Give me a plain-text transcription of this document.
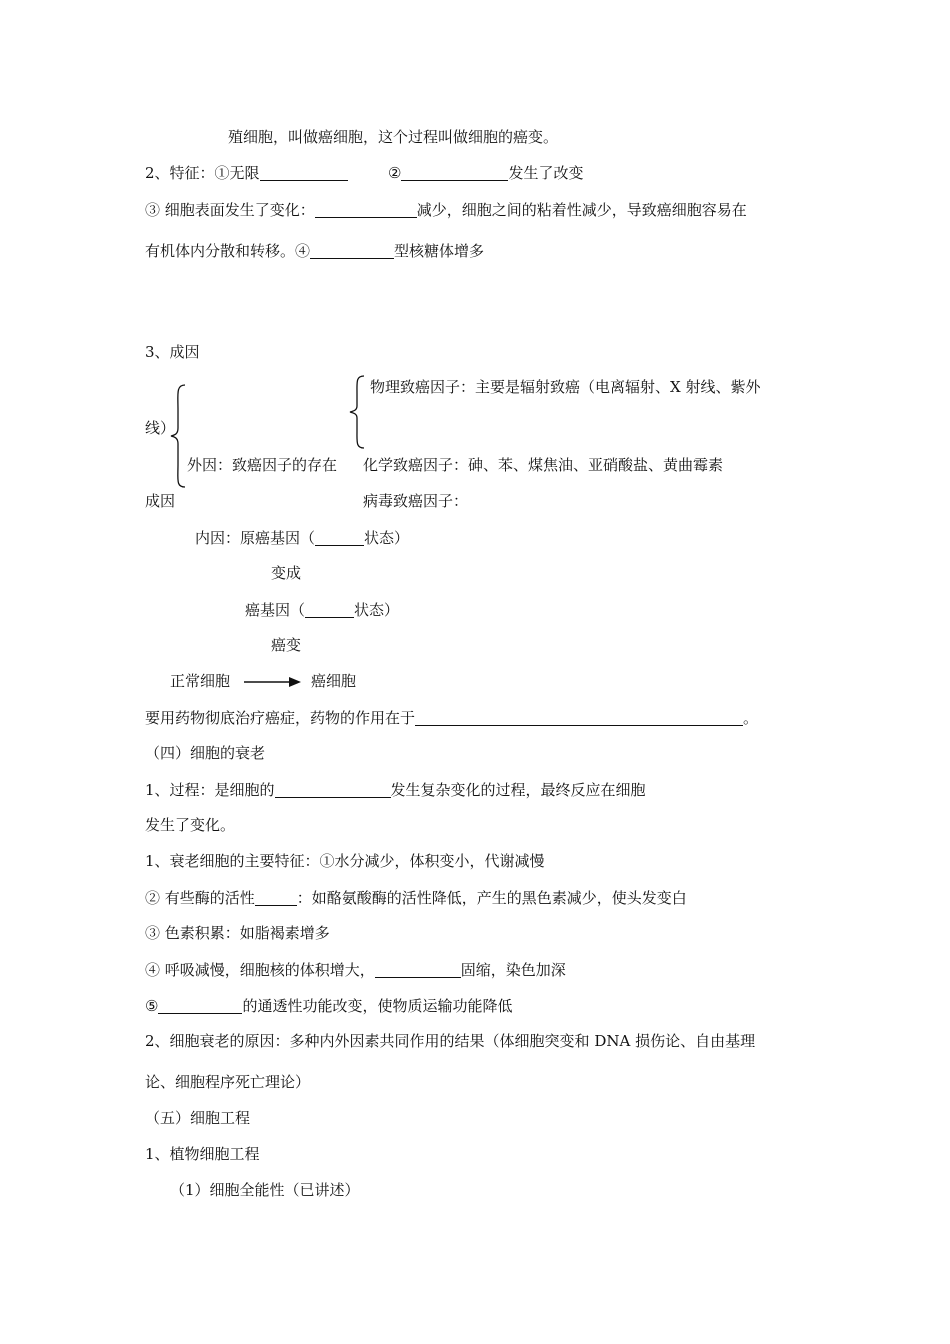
殖细胞，叫做癌细胞，这个过程叫做细胞的癌变。
2、特征：①无限	②	发生了改变
③ 细胞表面发生了变化：	减少，细胞之间的粘着性减少，导致癌细胞容易在
有机体内分散和转移。④	型核糖体增多
3、成因
物理致癌因子：主要是辐射致癌（电离辐射、X 射线、紫外
线）
外因：致癌因子的存在 化学致癌因子：砷、苯、煤焦油、亚硝酸盐、黄曲霉素
成因	病毒致癌因子：
内因：原癌基因（	状态）
变成
癌基因（	状态）
癌变
正常细胞	癌细胞
要用药物彻底治疗癌症，药物的作用在于	。
（四）细胞的衰老
1、过程：是细胞的	发生复杂变化的过程，最终反应在细胞
发生了变化。
1、衰老细胞的主要特征：①水分减少，体积变小，代谢减慢
② 有些酶的活性	：如酪氨酸酶的活性降低，产生的黑色素减少，使头发变白
③ 色素积累：如脂褐素增多
④ 呼吸减慢，细胞核的体积增大，	固缩，染色加深
⑤	的通透性功能改变，使物质运输功能降低
2、细胞衰老的原因：多种内外因素共同作用的结果（体细胞突变和 DNA 损伤论、自由基理
论、细胞程序死亡理论）
（五）细胞工程
1、植物细胞工程
（1）细胞全能性（已讲述）
